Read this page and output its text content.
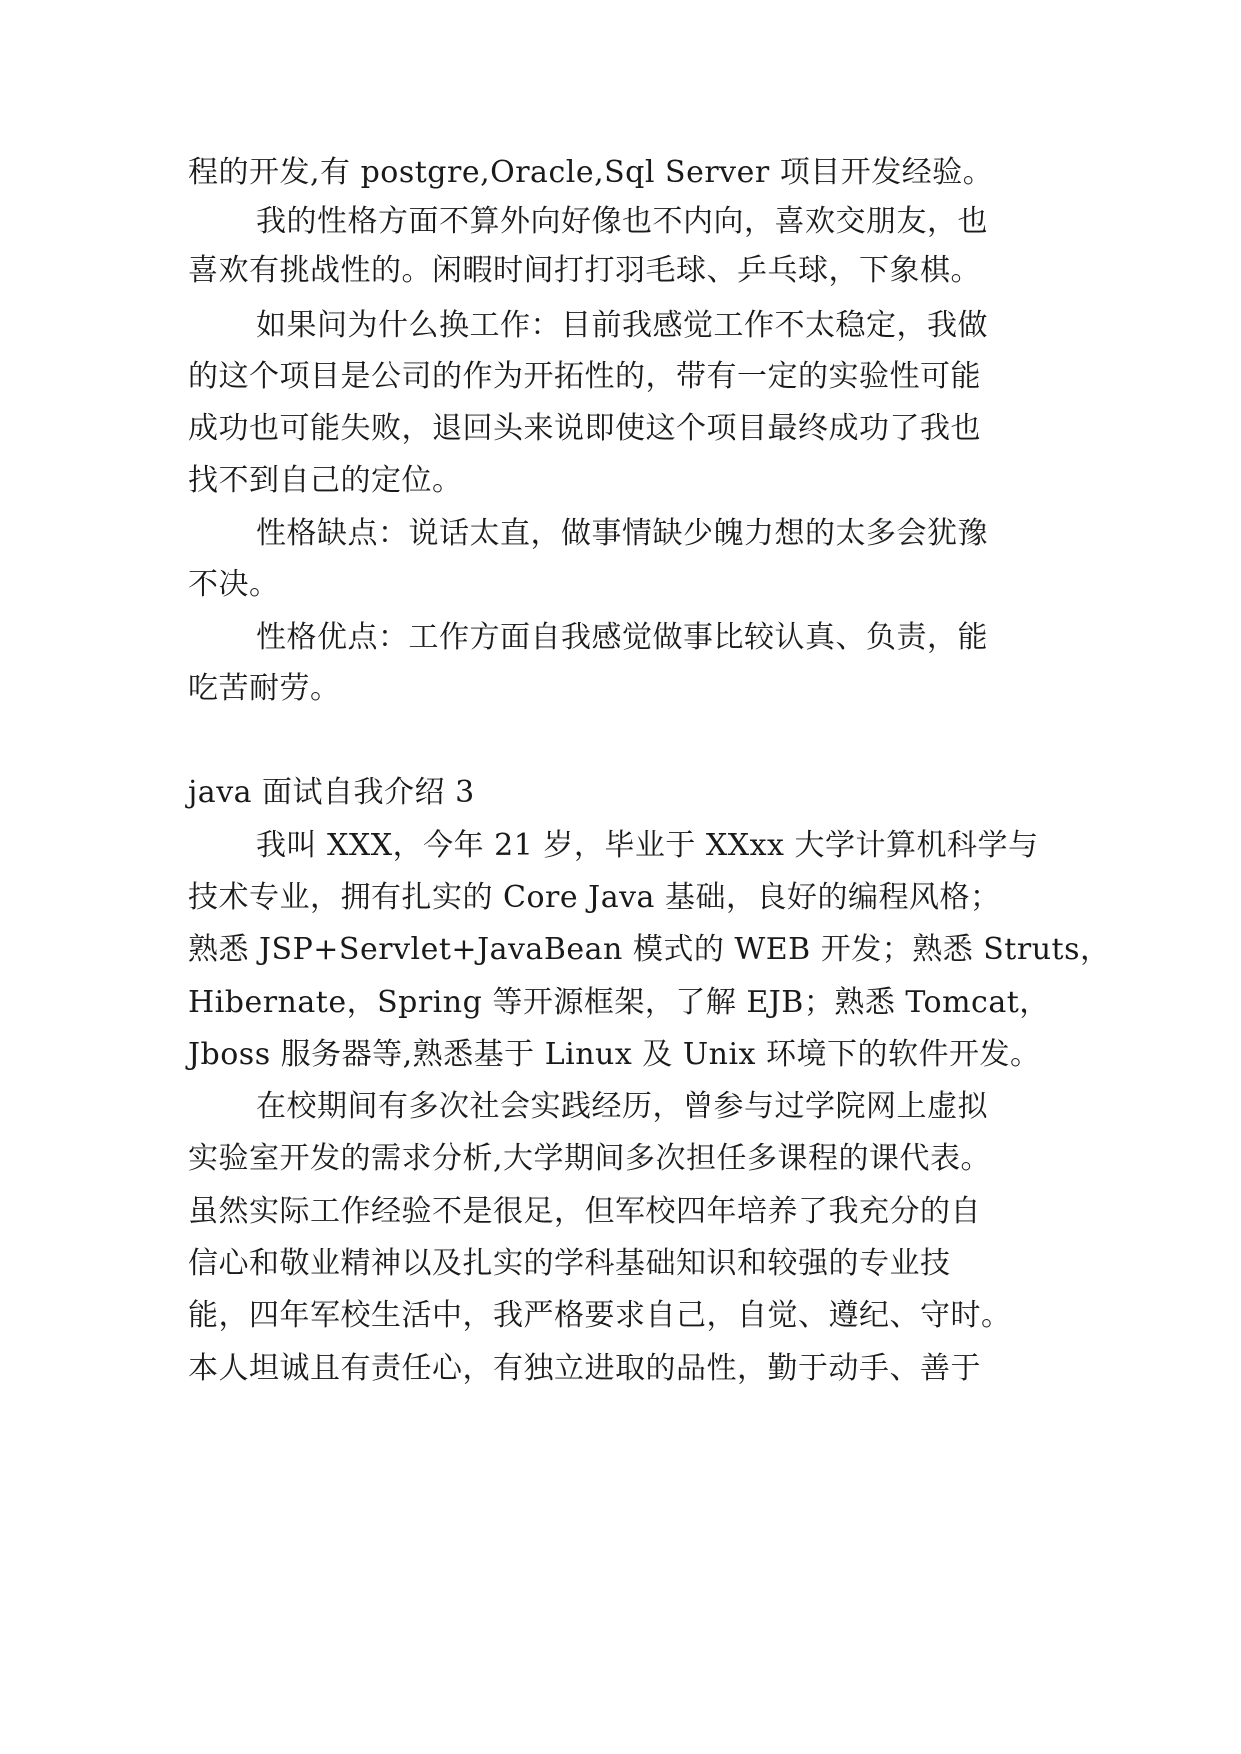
程的开发,有 postgre,Oracle,Sql Server 项目开发经验。
我的性格方面不算外向好像也不内向，喜欢交朋友，也
喜欢有挑战性的。闲暇时间打打羽毛球、乒乓球，下象棋。
如果问为什么换工作：目前我感觉工作不太稳定，我做
的这个项目是公司的作为开拓性的，带有一定的实验性可能
成功也可能失败，退回头来说即使这个项目最终成功了我也
找不到自己的定位。
性格缺点：说话太直，做事情缺少魄力想的太多会犹豫
不决。
性格优点：工作方面自我感觉做事比较认真、负责，能
吃苦耐劳。
java 面试自我介绍 3
我叫 XXX，今年 21 岁，毕业于 XXxx 大学计算机科学与
技术专业，拥有扎实的 Core Java 基础，良好的编程风格；
熟悉 JSP+Servlet+JavaBean 模式的 WEB 开发；熟悉 Struts，
Hibernate，Spring 等开源框架，了解 EJB；熟悉 Tomcat，
Jboss 服务器等,熟悉基于 Linux 及 Unix 环境下的软件开发。
在校期间有多次社会实践经历，曾参与过学院网上虚拟
实验室开发的需求分析,大学期间多次担任多课程的课代表。
虽然实际工作经验不是很足，但军校四年培养了我充分的自
信心和敬业精神以及扎实的学科基础知识和较强的专业技
能，四年军校生活中，我严格要求自己，自觉、遵纪、守时。
本人坦诚且有责任心，有独立进取的品性，勤于动手、善于
